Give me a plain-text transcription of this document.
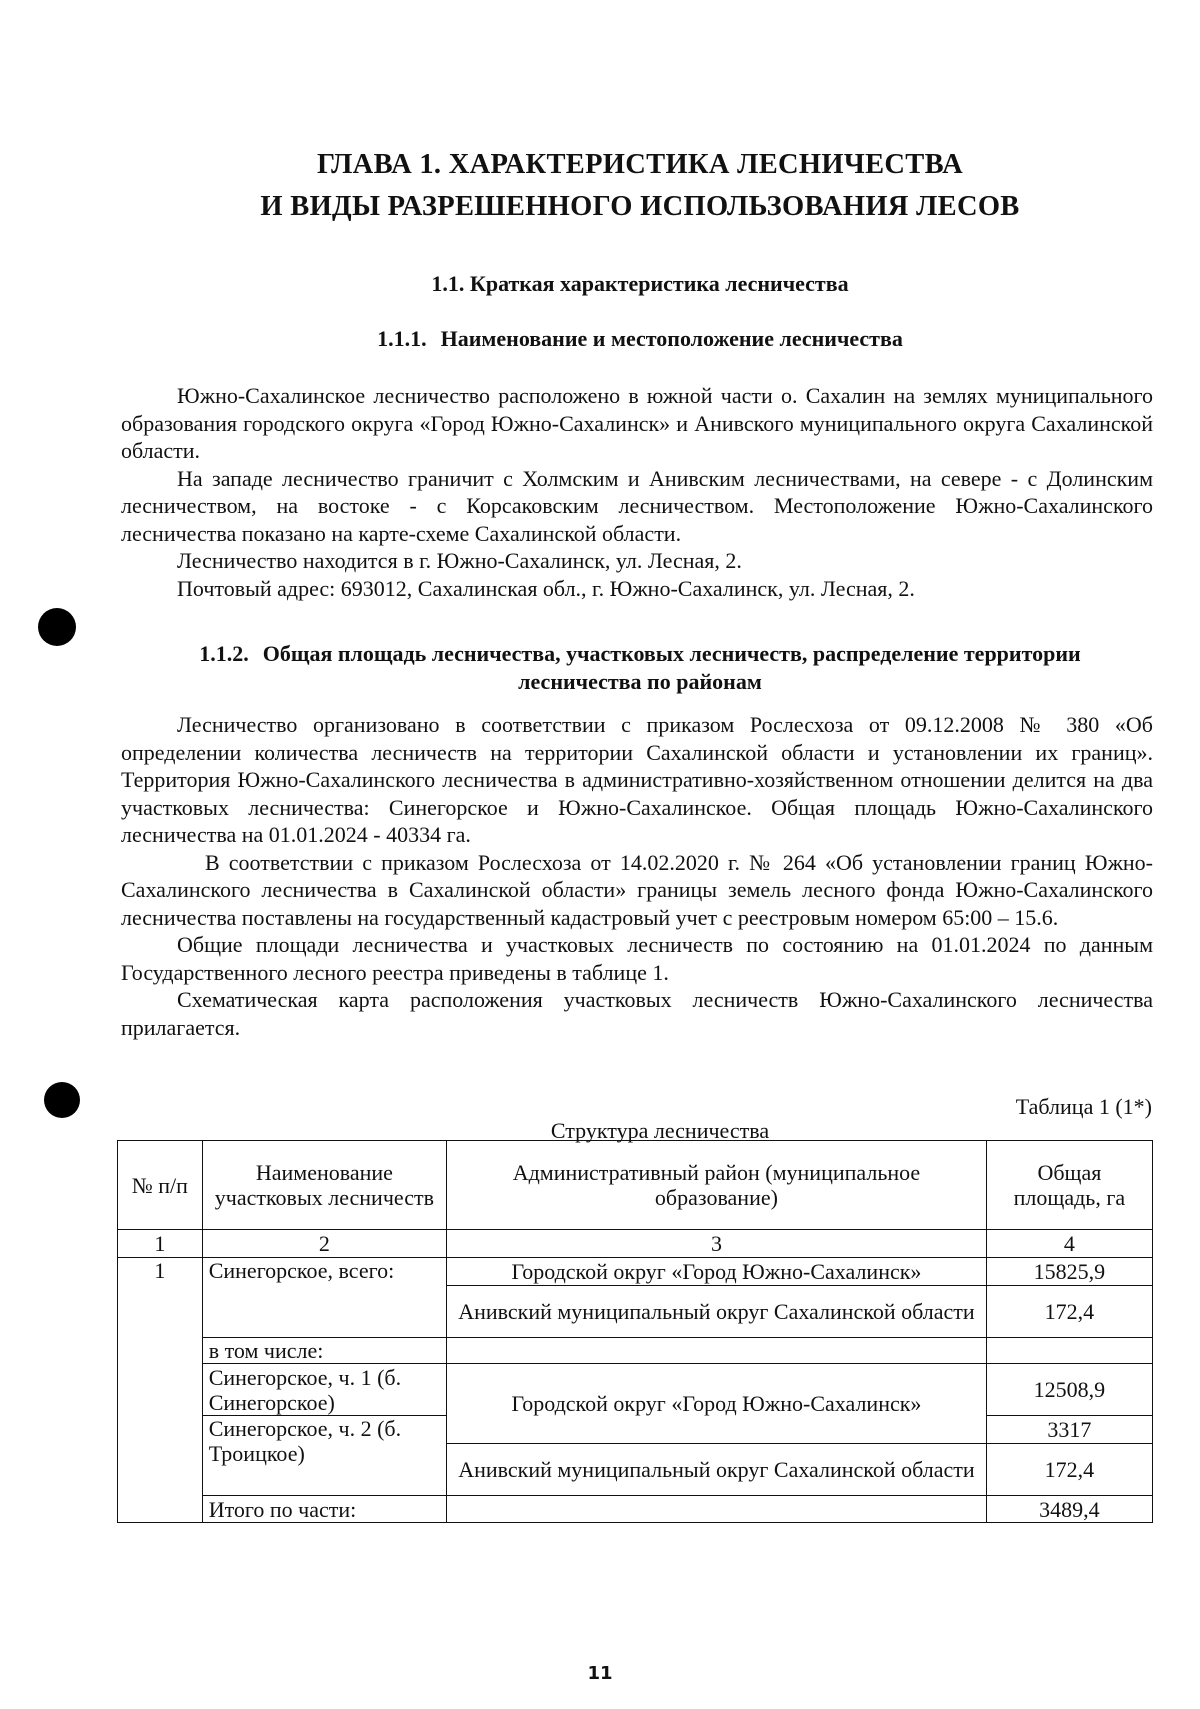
ГЛАВА 1. ХАРАКТЕРИСТИКА ЛЕСНИЧЕСТВА
И ВИДЫ РАЗРЕШЕННОГО ИСПОЛЬЗОВАНИЯ ЛЕСОВ
1.1. Краткая характеристика лесничества
1.1.1. Наименование и местоположение лесничества

Южно-Сахалинское лесничество расположено в южной части о. Сахалин на землях муниципального образования городского округа «Город Южно-Сахалинск» и Анивского муниципального округа Сахалинской области.

На западе лесничество граничит с Холмским и Анивским лесничествами, на севере - с Долинским лесничеством, на востоке - с Корсаковским лесничеством. Местоположение Южно-Сахалинского лесничества показано на карте-схеме Сахалинской области.

Лесничество находится в г. Южно-Сахалинск, ул. Лесная, 2.

Почтовый адрес: 693012, Сахалинская обл., г. Южно-Сахалинск, ул. Лесная, 2.

1.1.2. Общая площадь лесничества, участковых лесничеств, распределение территории
лесничества по районам

Лесничество организовано в соответствии с приказом Рослесхоза от 09.12.2008 № 380 «Об определении количества лесничеств на территории Сахалинской области и установлении их границ». Территория Южно-Сахалинского лесничества в административно-хозяйственном отношении делится на два участковых лесничества: Синегорское и Южно-Сахалинское. Общая площадь Южно-Сахалинского лесничества на 01.01.2024 - 40334 га.

В соответствии с приказом Рослесхоза от 14.02.2020 г. № 264 «Об установлении границ Южно-Сахалинского лесничества в Сахалинской области» границы земель лесного фонда Южно-Сахалинского лесничества поставлены на государственный кадастровый учет с реестровым номером 65:00 – 15.6.

Общие площади лесничества и участковых лесничеств по состоянию на 01.01.2024 по данным Государственного лесного реестра приведены в таблице 1.

Схематическая карта расположения участковых лесничеств Южно-Сахалинского лесничества прилагается.

Таблица 1 (1*)
Структура лесничества
№ п/п	Наименование участковых лесничеств	Административный район (муниципальное образование)	Общая площадь, га
1	2	3	4
1	Синегорское, всего:	Городской округ «Город Южно-Сахалинск»	15825,9
		Анивский муниципальный округ Сахалинской области	172,4
	в том числе:		
	Синегорское, ч. 1 (б. Синегорское)	Городской округ «Город Южно-Сахалинск»	12508,9
	Синегорское, ч. 2 (б. Троицкое)		3317
		Анивский муниципальный округ Сахалинской области	172,4
	Итого по части:		3489,4
11
